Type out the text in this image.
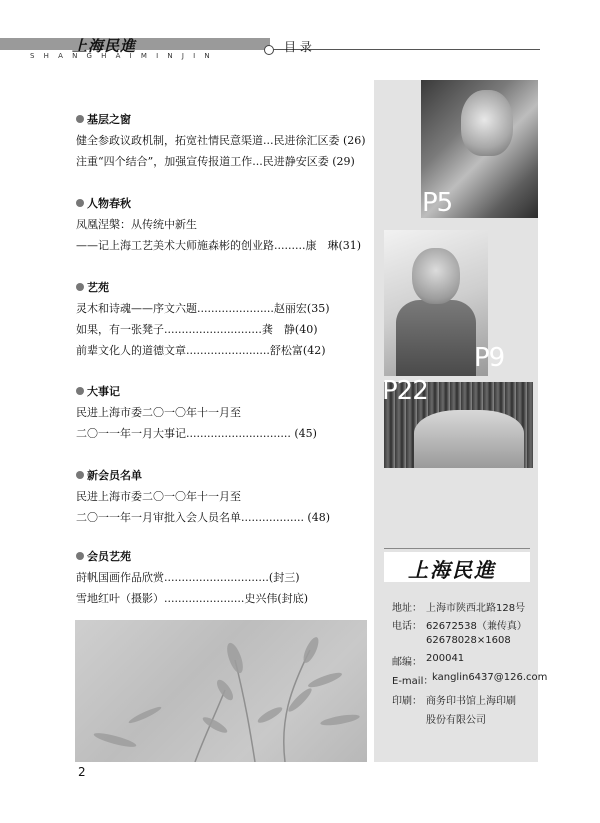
上海民進
SHANGHAIMINJIN
目 录
P5
P9
P22
上海民進
地址： 上海市陕西北路128号
电话： 62672538（兼传真）
62678028×1608
邮编： 200041
E-mail：
kanglin6437@126.com
印刷： 商务印书馆上海印刷
股份有限公司
基层之窗
健全参政议政机制，拓宽社情民意渠道...民进徐汇区委 (26)
注重“四个结合”，加强宣传报道工作...民进静安区委 (29)
人物春秋
凤凰涅槃：从传统中新生
——记上海工艺美术大师施森彬的创业路.........康　琳(31)
艺苑
灵木和诗魂——序文六题......................赵丽宏(35)
如果，有一张凳子............................龚　静(40)
前辈文化人的道德文章........................舒松富(42)
大事记
民进上海市委二〇一〇年十一月至
二〇一一年一月大事记.............................. (45)
新会员名单
民进上海市委二〇一〇年十一月至
二〇一一年一月审批入会人员名单.................. (48)
会员艺苑
莳帆国画作品欣赏..............................(封三)
雪地红叶（摄影）.......................史兴伟(封底)
2
